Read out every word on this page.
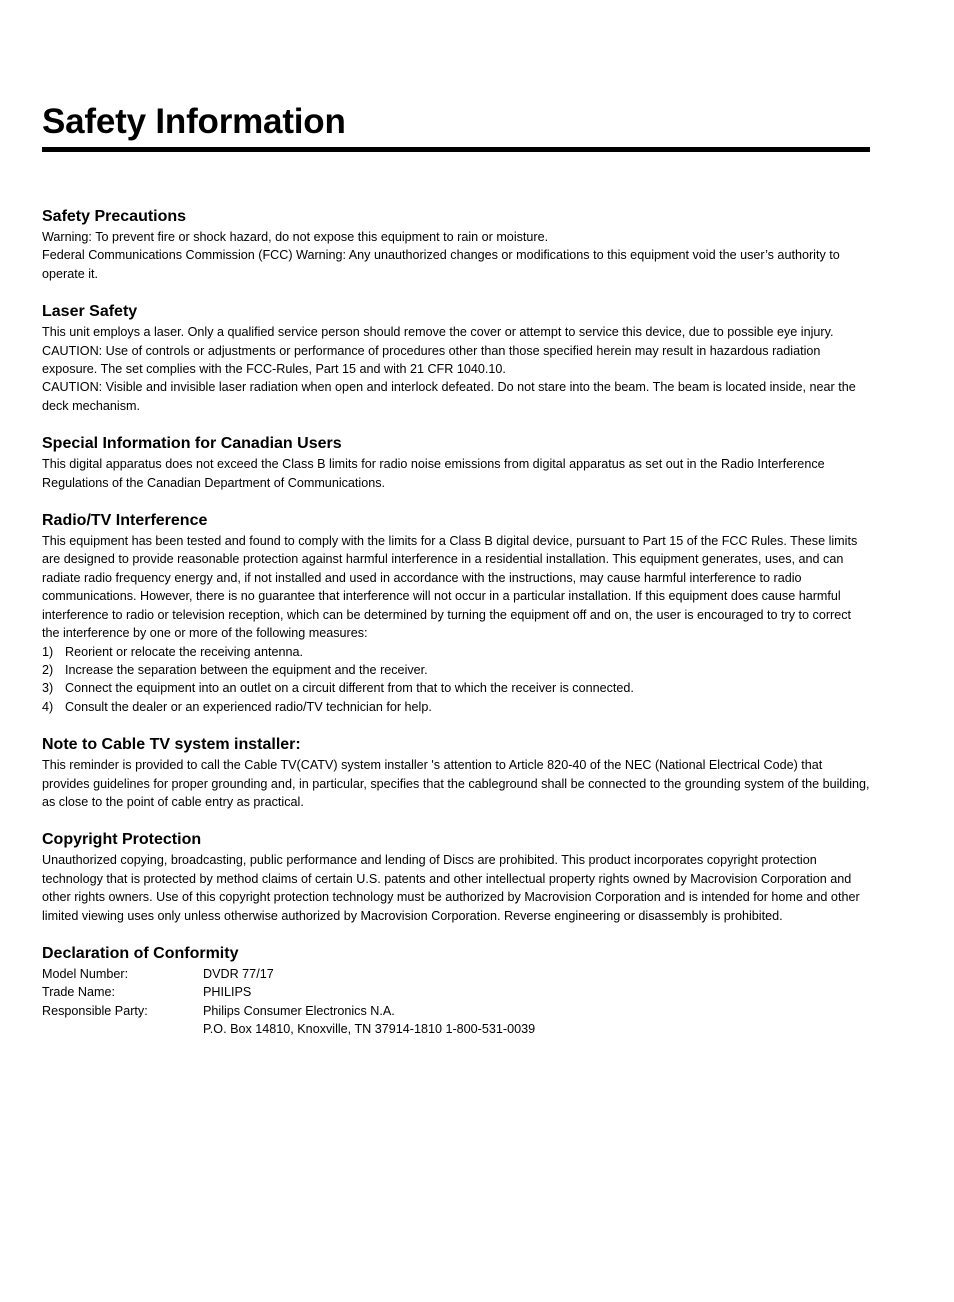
Safety Information
Safety Precautions

Warning: To prevent fire or shock hazard, do not expose this equipment to rain or moisture.

Federal Communications Commission (FCC) Warning: Any unauthorized changes or modifications to this equipment void the user’s authority to operate it.

Laser Safety

This unit employs a laser. Only a qualified service person should remove the cover or attempt to service this device, due to possible eye injury.

CAUTION: Use of controls or adjustments or performance of procedures other than those specified herein may result in hazardous radiation exposure. The set complies with the FCC-Rules, Part 15 and with 21 CFR 1040.10.

CAUTION: Visible and invisible laser radiation when open and interlock defeated. Do not stare into the beam. The beam is located inside, near the deck mechanism.

Special Information for Canadian Users

This digital apparatus does not exceed the Class B limits for radio noise emissions from digital apparatus as set out in the Radio Interference Regulations of the Canadian Department of Communications.

Radio/TV Interference

This equipment has been tested and found to comply with the limits for a Class B digital device, pursuant to Part 15 of the FCC Rules. These limits are designed to provide reasonable protection against harmful interference in a residential installation. This equipment generates, uses, and can radiate radio frequency energy and, if not installed and used in accordance with the instructions, may cause harmful interference to radio communications. However, there is no guarantee that interference will not occur in a particular installation. If this equipment does cause harmful interference to radio or television reception, which can be determined by turning the equipment off and on, the user is encouraged to try to correct the interference by one or more of the following measures:

1) Reorient or relocate the receiving antenna.
2) Increase the separation between the equipment and the receiver.
3) Connect the equipment into an outlet on a circuit different from that to which the receiver is connected.
4) Consult the dealer or an experienced radio/TV technician for help.
Note to Cable TV system installer:

This reminder is provided to call the Cable TV(CATV) system installer 's attention to Article 820-40 of the NEC (National Electrical Code) that provides guidelines for proper grounding and, in particular, specifies that the cableground shall be connected to the grounding system of the building, as close to the point of cable entry as practical.

Copyright Protection

Unauthorized copying, broadcasting, public performance and lending of Discs are prohibited. This product incorporates copyright protection technology that is protected by method claims of certain U.S. patents and other intellectual property rights owned by Macrovision Corporation and other rights owners. Use of this copyright protection technology must be authorized by Macrovision Corporation and is intended for home and other limited viewing uses only unless otherwise authorized by Macrovision Corporation. Reverse engineering or disassembly is prohibited.

Declaration of Conformity
Model Number:	DVDR 77/17
Trade Name:	PHILIPS
Responsible Party:	Philips Consumer Electronics N.A.
	P.O. Box 14810, Knoxville, TN 37914-1810 1-800-531-0039
